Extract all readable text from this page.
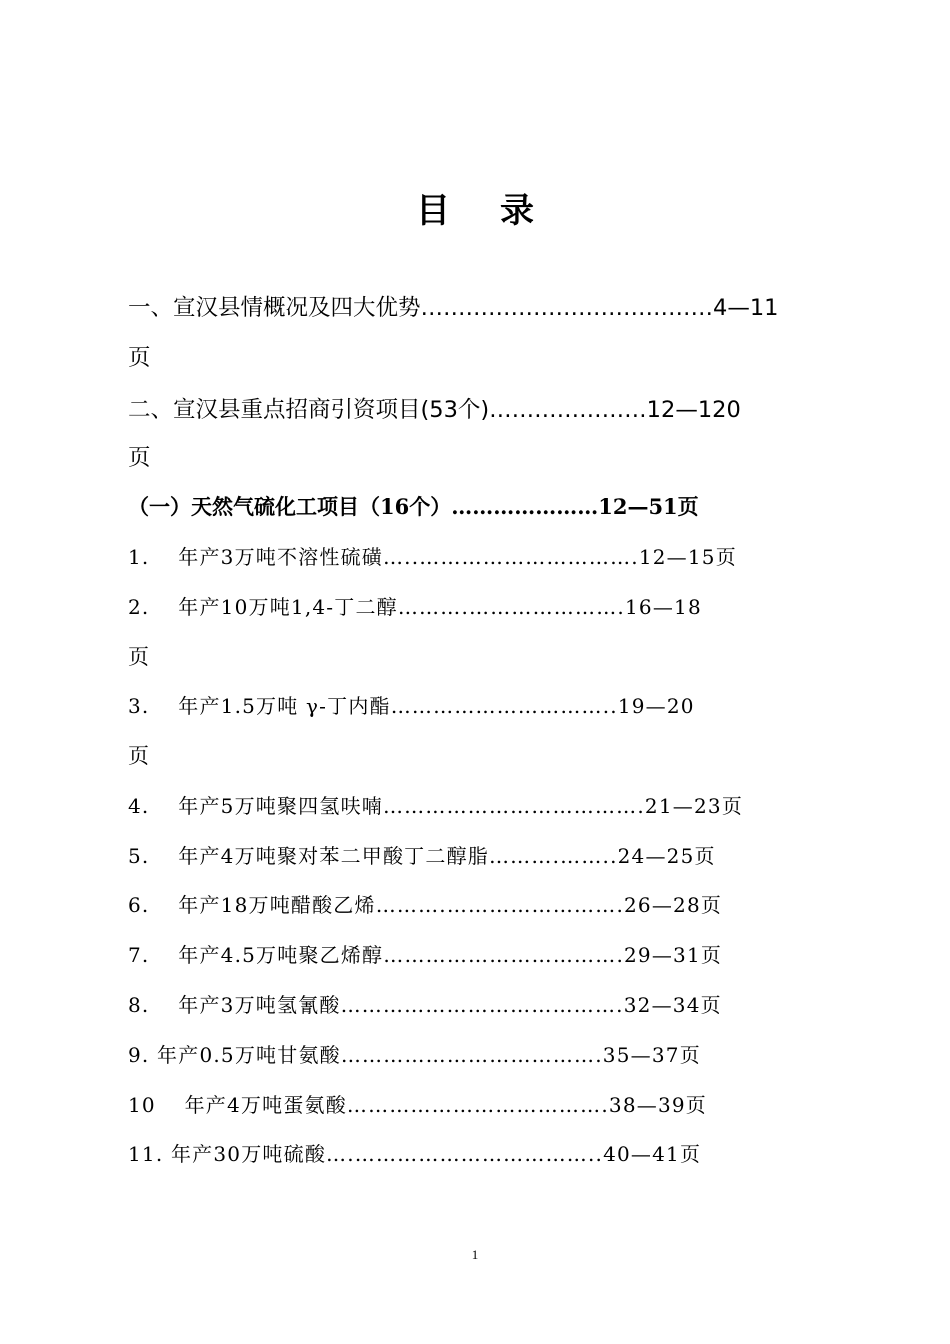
目 录
一、宣汉县情概况及四大优势…………………………………4—11
页
二、宣汉县重点招商引资项目(53个)…………………12—120
页
（一）天然气硫化工项目（16个）…………………12—51页
1.　 年产3万吨不溶性硫磺…..………………………….12—15页
2.　 年产10万吨1,4-丁二醇……….………………….16—18
页
3.　 年产1.5万吨 γ-丁内酯…………………………..19—20
页
4.　 年产5万吨聚四氢呋喃……………………………….21—23页
5.　 年产4万吨聚对苯二甲酸丁二醇脂……….……..24—25页
6.　 年产18万吨醋酸乙烯……….…………………….26—28页
7.　 年产4.5万吨聚乙烯醇…………………………….29—31页
8.　 年产3万吨氢氰酸………………………………….32—34页
9. 年产0.5万吨甘氨酸……………………………….35—37页
10　 年产4万吨蛋氨酸……………………………….38—39页
11. 年产30万吨硫酸….……………………………..40—41页
1
